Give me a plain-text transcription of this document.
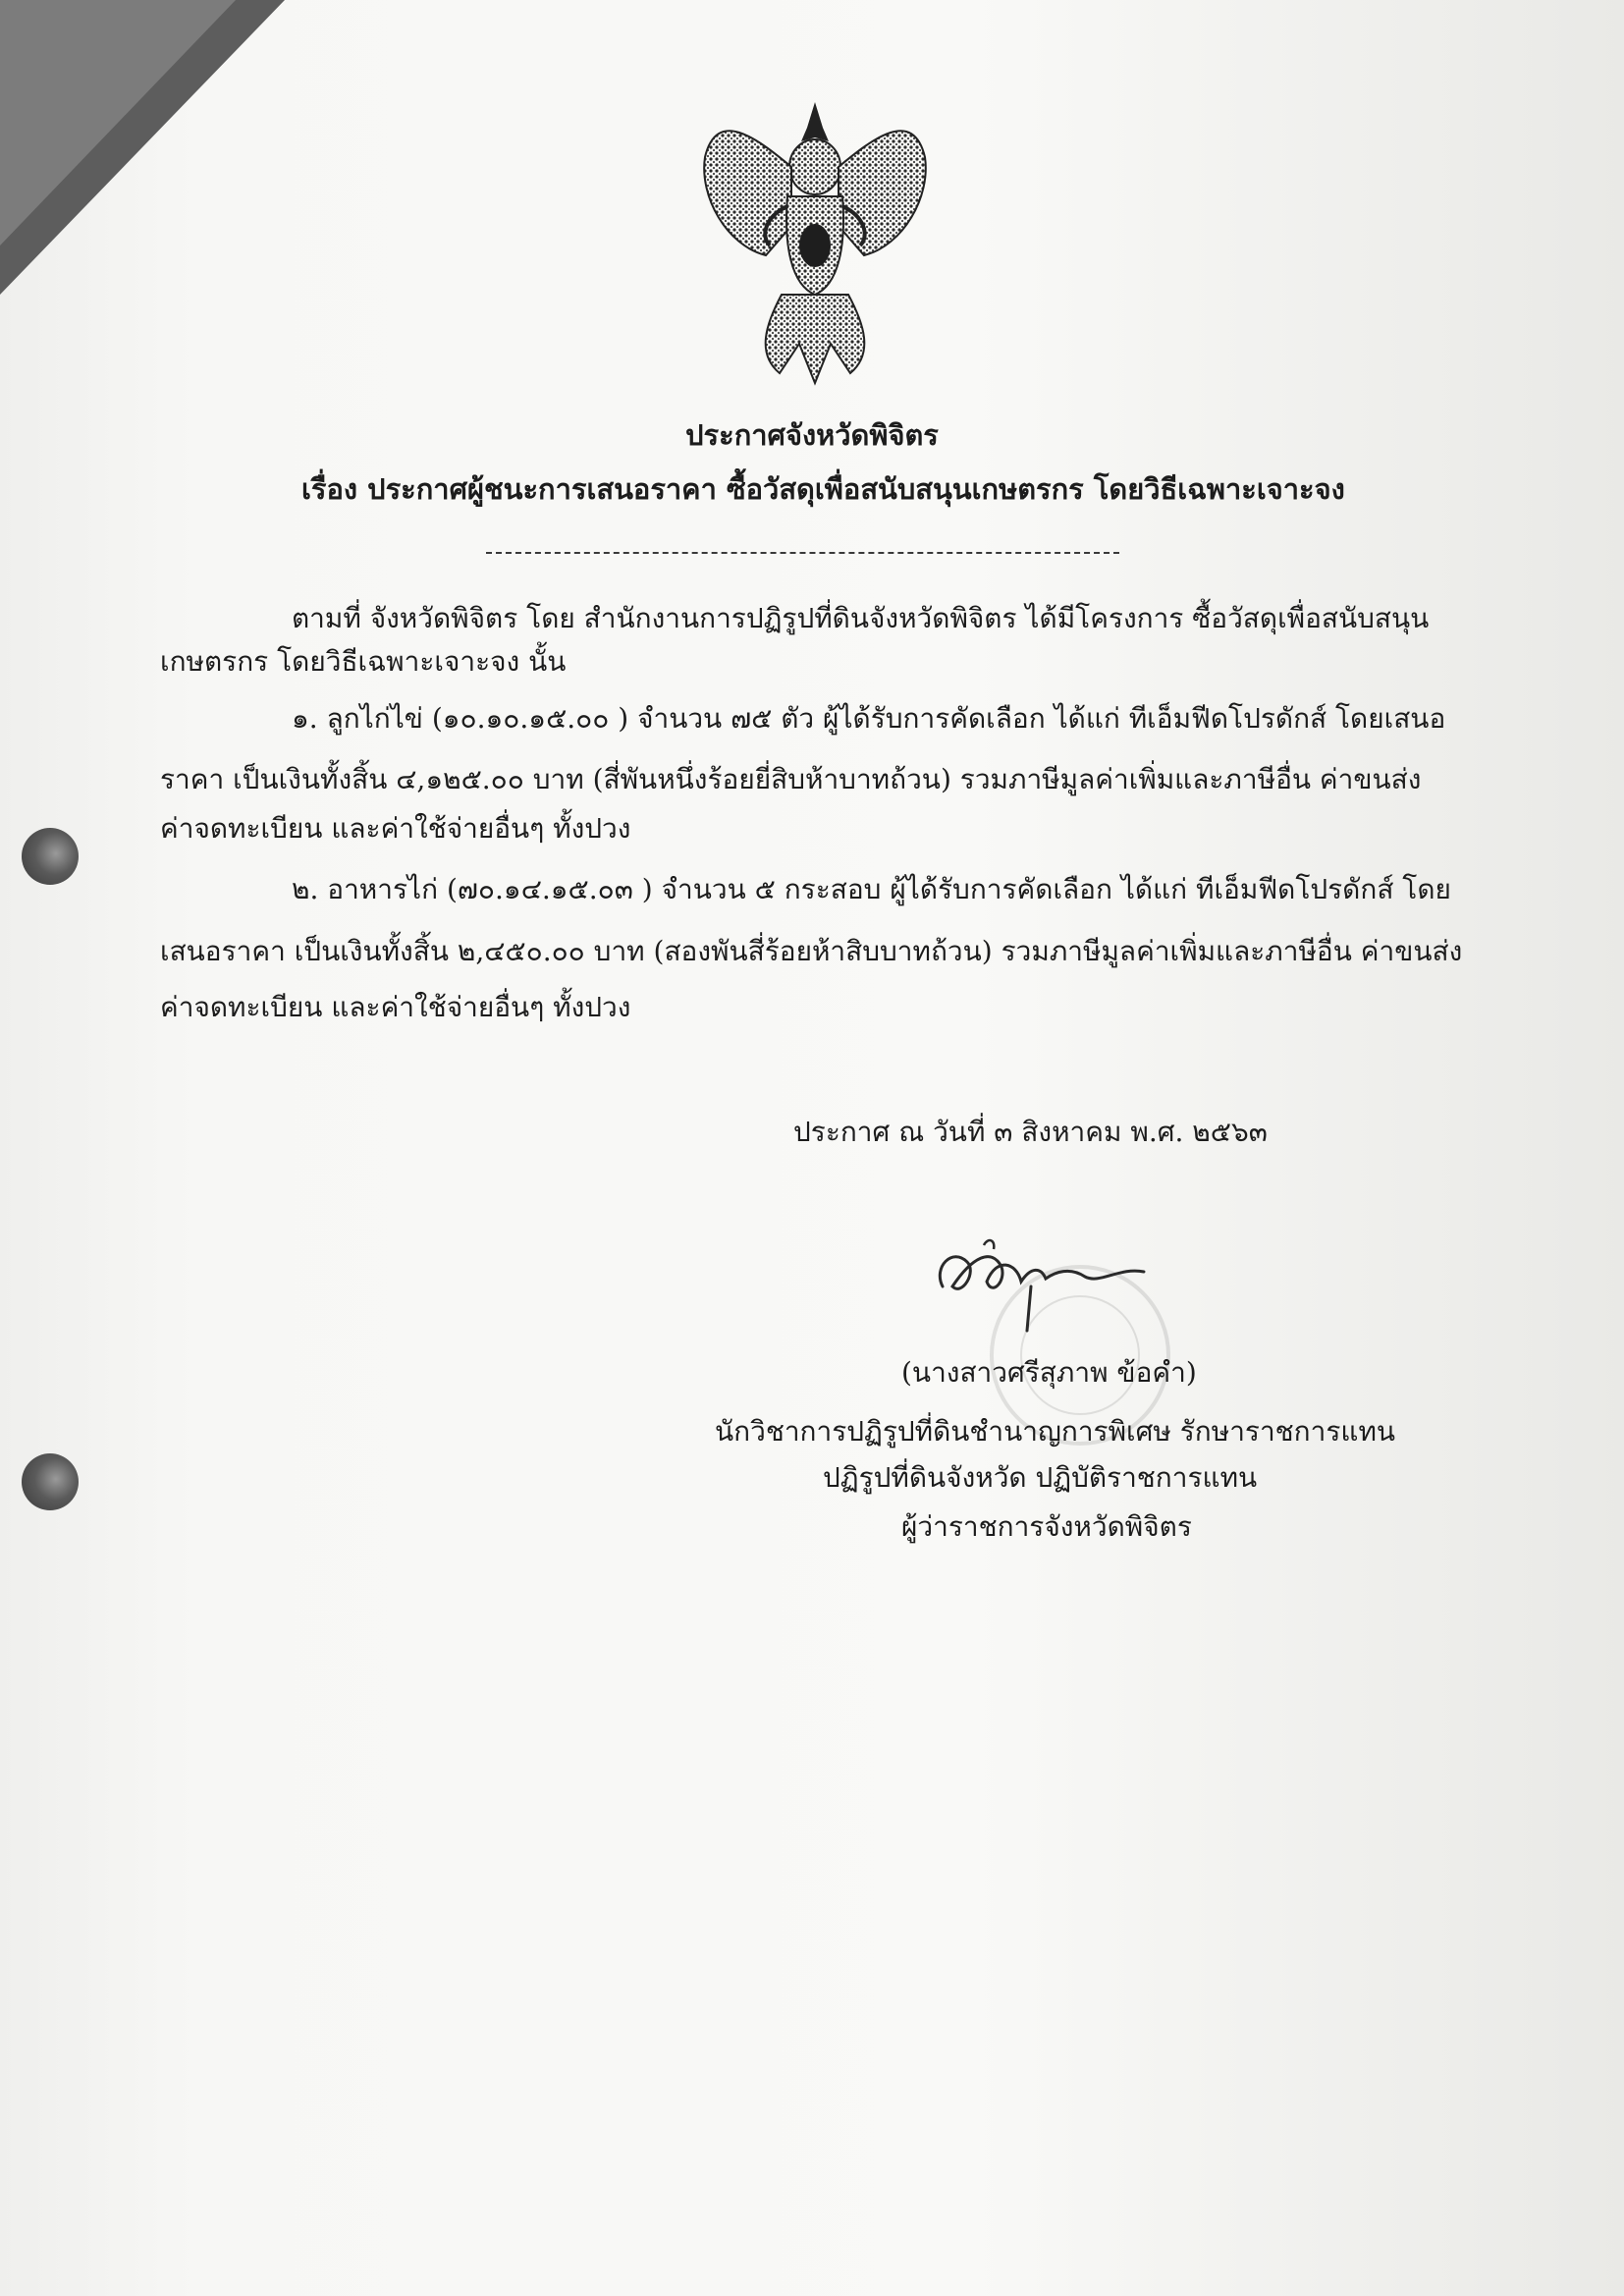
ประกาศจังหวัดพิจิตร
เรื่อง ประกาศผู้ชนะการเสนอราคา ซื้อวัสดุเพื่อสนับสนุนเกษตรกร โดยวิธีเฉพาะเจาะจง
ตามที่ จังหวัดพิจิตร โดย สำนักงานการปฏิรูปที่ดินจังหวัดพิจิตร ได้มีโครงการ ซื้อวัสดุเพื่อสนับสนุน
เกษตรกร โดยวิธีเฉพาะเจาะจง นั้น
๑. ลูกไก่ไข่ (๑๐.๑๐.๑๕.๐๐ ) จำนวน ๗๕ ตัว ผู้ได้รับการคัดเลือก ได้แก่ ทีเอ็มฟีดโปรดักส์ โดยเสนอ
ราคา เป็นเงินทั้งสิ้น ๔,๑๒๕.๐๐ บาท (สี่พันหนึ่งร้อยยี่สิบห้าบาทถ้วน) รวมภาษีมูลค่าเพิ่มและภาษีอื่น ค่าขนส่ง
ค่าจดทะเบียน และค่าใช้จ่ายอื่นๆ ทั้งปวง
๒. อาหารไก่ (๗๐.๑๔.๑๕.๐๓ ) จำนวน ๕ กระสอบ ผู้ได้รับการคัดเลือก ได้แก่ ทีเอ็มฟีดโปรดักส์ โดย
เสนอราคา เป็นเงินทั้งสิ้น ๒,๔๕๐.๐๐ บาท (สองพันสี่ร้อยห้าสิบบาทถ้วน) รวมภาษีมูลค่าเพิ่มและภาษีอื่น ค่าขนส่ง
ค่าจดทะเบียน และค่าใช้จ่ายอื่นๆ ทั้งปวง
ประกาศ ณ วันที่ ๓ สิงหาคม พ.ศ. ๒๕๖๓
(นางสาวศรีสุภาพ ข้อคำ)
นักวิชาการปฏิรูปที่ดินชำนาญการพิเศษ รักษาราชการแทน
ปฏิรูปที่ดินจังหวัด ปฏิบัติราชการแทน
ผู้ว่าราชการจังหวัดพิจิตร
